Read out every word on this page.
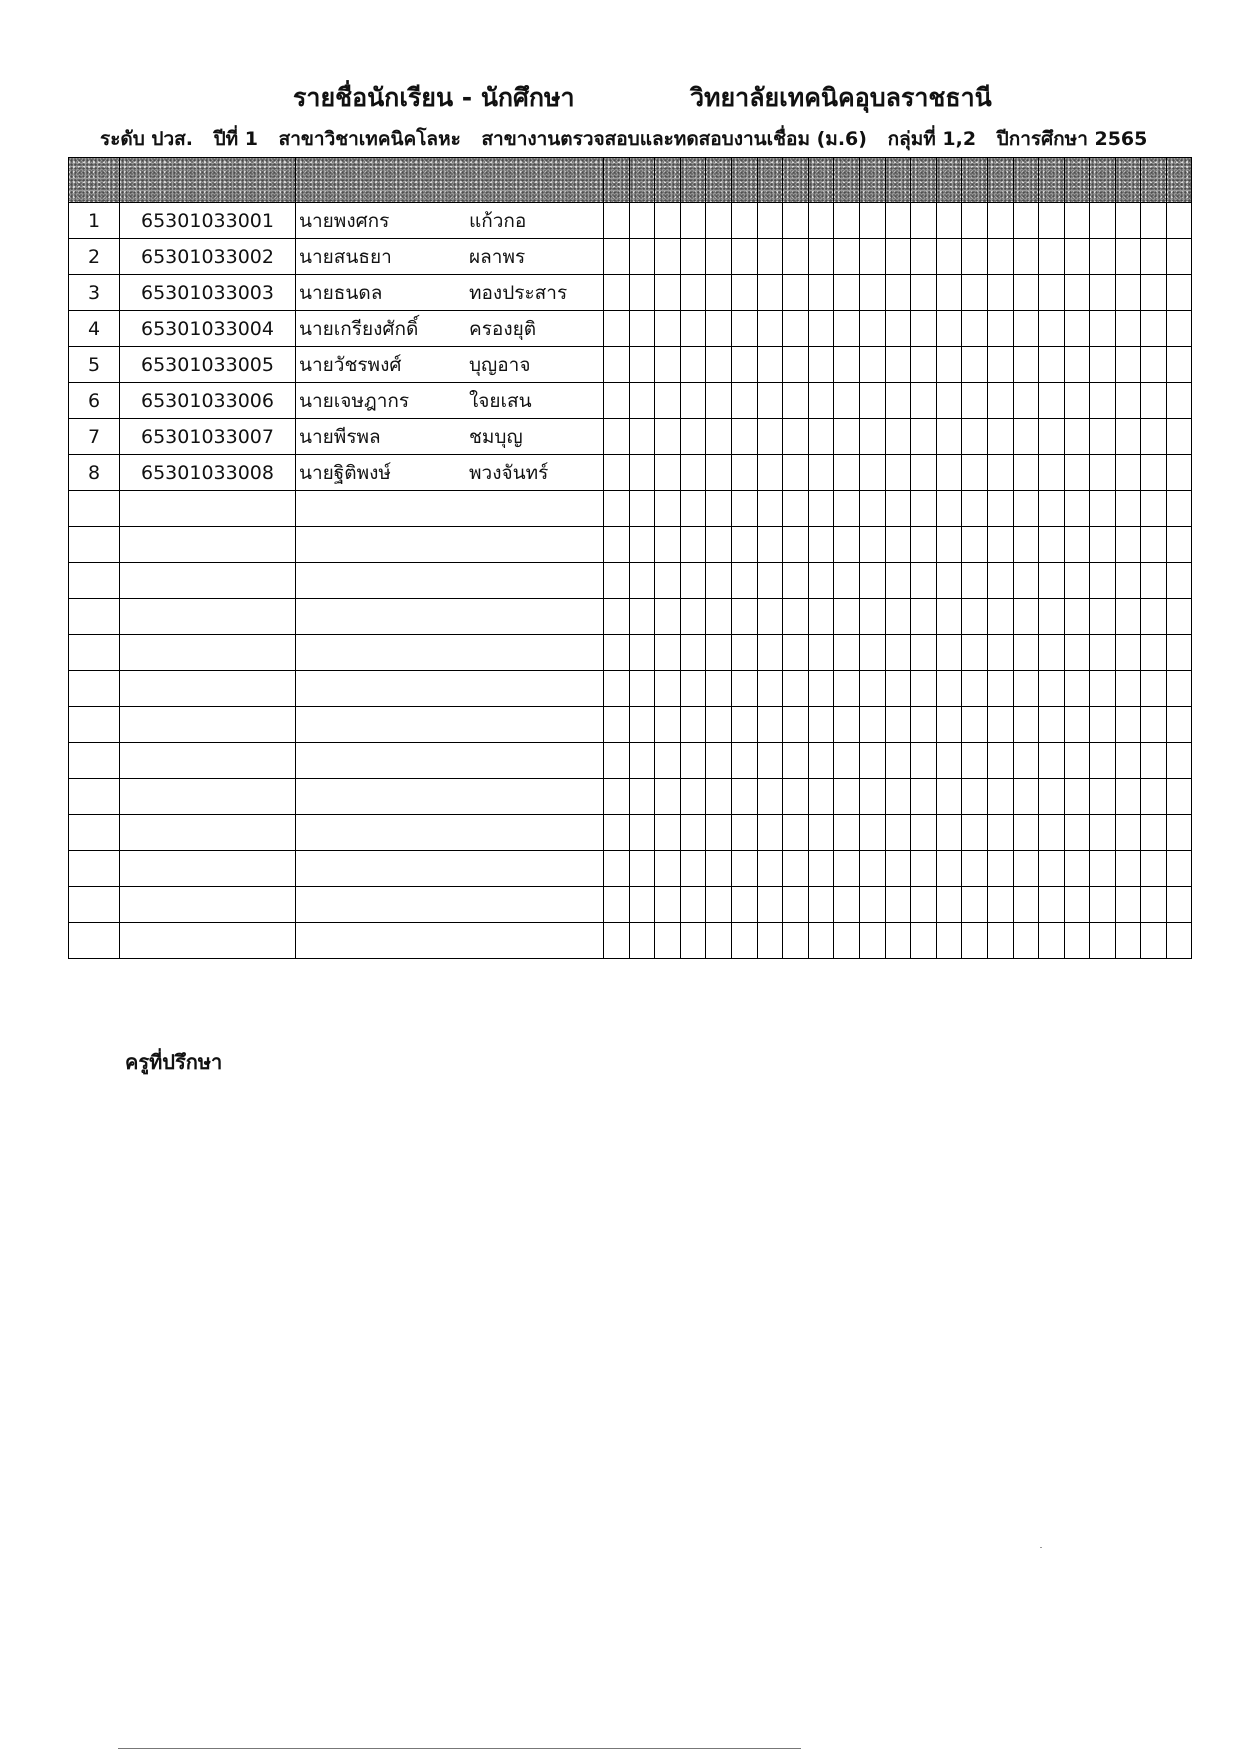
รายชื่อนักเรียน - นักศึกษา	วิทยาลัยเทคนิคอุบลราชธานี
ระดับ ปวส. ปีที่ 1 สาขาวิชาเทคนิคโลหะ สาขางานตรวจสอบและทดสอบงานเชื่อม (ม.6) กลุ่มที่ 1,2 ปีการศึกษา 2565

1	65301033001	นายพงศกร แก้วกอ																							
2	65301033002	นายสนธยา ผลาพร																							
3	65301033003	นายธนดล ทองประสาร																							
4	65301033004	นายเกรียงศักดิ์ ครองยุติ																							
5	65301033005	นายวัชรพงศ์ บุญอาจ																							
6	65301033006	นายเจษฎากร ใจยเสน																							
7	65301033007	นายพีรพล ชมบุญ																							
8	65301033008	นายฐิติพงษ์ พวงจันทร์																							

ครูที่ปรึกษา
